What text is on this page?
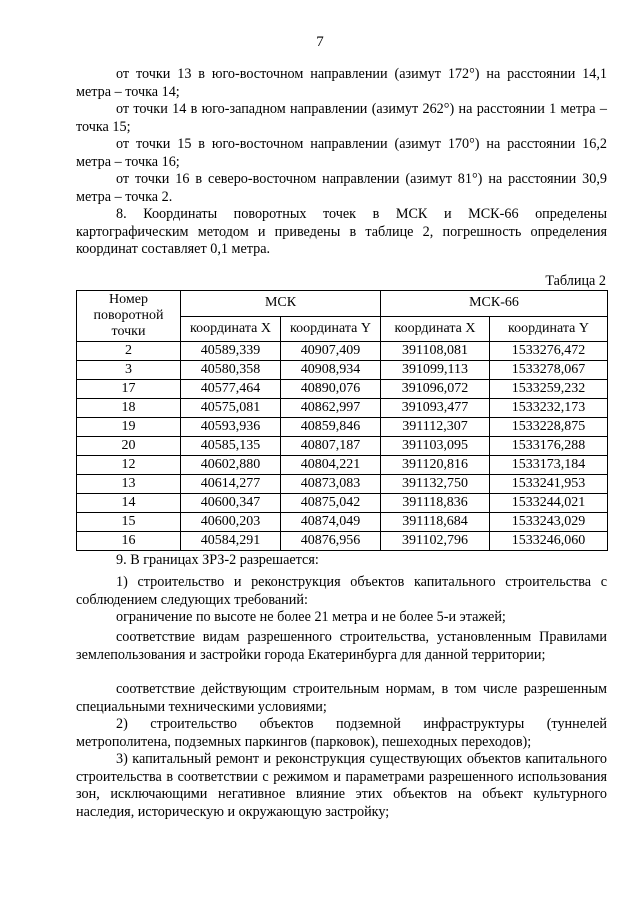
7

от точки 13 в юго-восточном направлении (азимут 172°) на расстоянии 14,1 метра – точка 14;

от точки 14 в юго-западном направлении (азимут 262°) на расстоянии 1 метра – точка 15;

от точки 15 в юго-восточном направлении (азимут 170°) на расстоянии 16,2 метра – точка 16;

от точки 16 в северо-восточном направлении (азимут 81°) на расстоянии 30,9 метра – точка 2.

8. Координаты поворотных точек в МСК и МСК-66 определены картографическим методом и приведены в таблице 2, погрешность определения координат составляет 0,1 метра.

Таблица 2
Номер поворотной точки	МСК		МСК-66	
	координата X	координата Y	координата X	координата Y
2	40589,339	40907,409	391108,081	1533276,472
3	40580,358	40908,934	391099,113	1533278,067
17	40577,464	40890,076	391096,072	1533259,232
18	40575,081	40862,997	391093,477	1533232,173
19	40593,936	40859,846	391112,307	1533228,875
20	40585,135	40807,187	391103,095	1533176,288
12	40602,880	40804,221	391120,816	1533173,184
13	40614,277	40873,083	391132,750	1533241,953
14	40600,347	40875,042	391118,836	1533244,021
15	40600,203	40874,049	391118,684	1533243,029
16	40584,291	40876,956	391102,796	1533246,060

9. В границах ЗРЗ-2 разрешается:

1) строительство и реконструкция объектов капитального строительства с соблюдением следующих требований:

ограничение по высоте не более 21 метра и не более 5-и этажей;

соответствие видам разрешенного строительства, установленным Правилами землепользования и застройки города Екатеринбурга для данной территории;

соответствие действующим строительным нормам, в том числе разрешенным специальными техническими условиями;

2) строительство объектов подземной инфраструктуры (туннелей метрополитена, подземных паркингов (парковок), пешеходных переходов);

3) капитальный ремонт и реконструкция существующих объектов капитального строительства в соответствии с режимом и параметрами разрешенного использования зон, исключающими негативное влияние этих объектов на объект культурного наследия, историческую и окружающую застройку;
